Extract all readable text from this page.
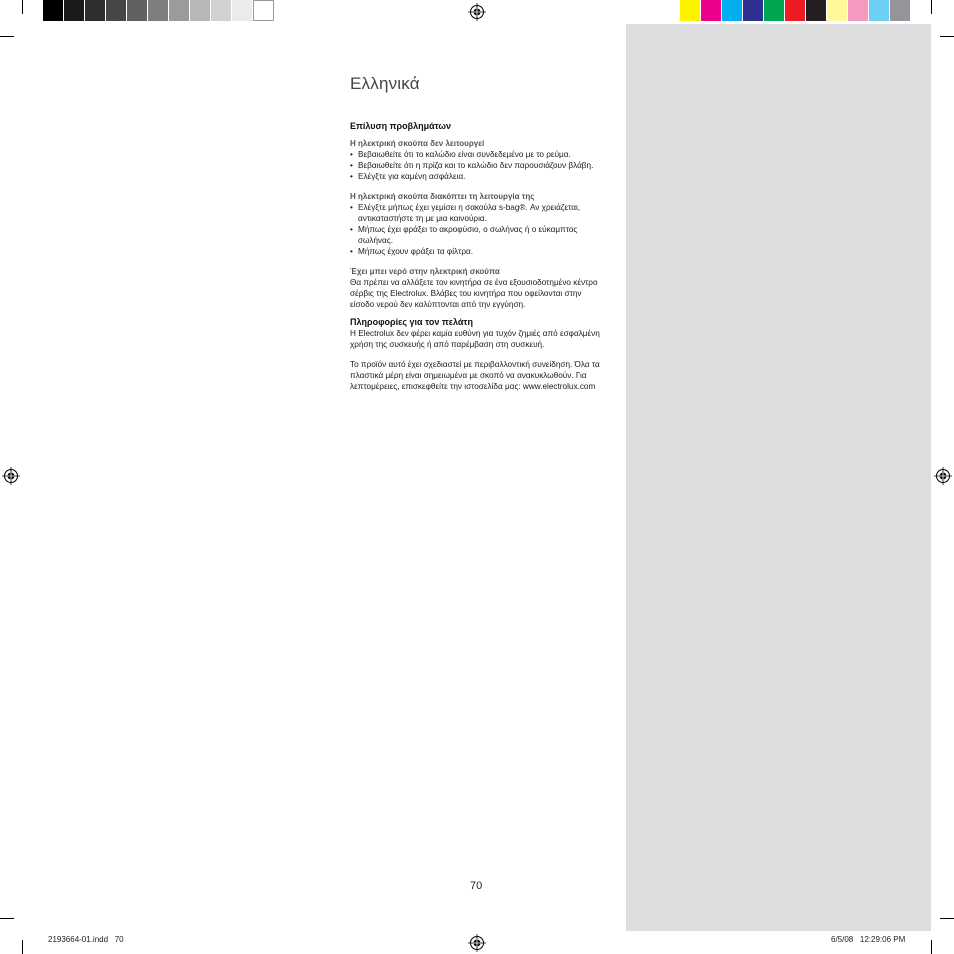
Ελληνικά
Επίλυση προβλημάτων
Η ηλεκτρική σκούπα δεν λειτουργεί
• Βεβαιωθείτε ότι το καλώδιο είναι συνδεδεμένο με το ρεύμα.
• Βεβαιωθείτε ότι η πρίζα και το καλώδιο δεν παρουσιάζουν βλάβη.
• Ελέγξτε για καμένη ασφάλεια.
Η ηλεκτρική σκούπα διακόπτει τη λειτουργία της
• Ελέγξτε μήπως έχει γεμίσει η σακούλα s-bag®. Αν χρειάζεται, αντικαταστήστε τη με μια καινούρια.
• Μήπως έχει φράξει το ακροφύσιο, ο σωλήνας ή ο εύκαμπτος σωλήνας.
• Μήπως έχουν φράξει τα φίλτρα.
Έχει μπει νερό στην ηλεκτρική σκούπα
Θα πρέπει να αλλάξετε τον κινητήρα σε ένα εξουσιοδοτημένο κέντρο σέρβις της Electrolux. Βλάβες του κινητήρα που οφείλονται στην είσοδο νερού δεν καλύπτονται από την εγγύηση.
Πληροφορίες για τον πελάτη
Η Electrolux δεν φέρει καμία ευθύνη για τυχόν ζημιές από εσφαλμένη χρήση της συσκευής ή από παρέμβαση στη συσκευή.
Το προϊόν αυτό έχει σχεδιαστεί με περιβαλλοντική συνείδηση. Όλα τα πλαστικά μέρη είναι σημειωμένα με σκοπό να ανακυκλωθούν. Για λεπτομέρειες, επισκεφθείτε την ιστοσελίδα μας: www.electrolux.com
70
2193664-01.indd   70	6/5/08   12:29:06 PM
